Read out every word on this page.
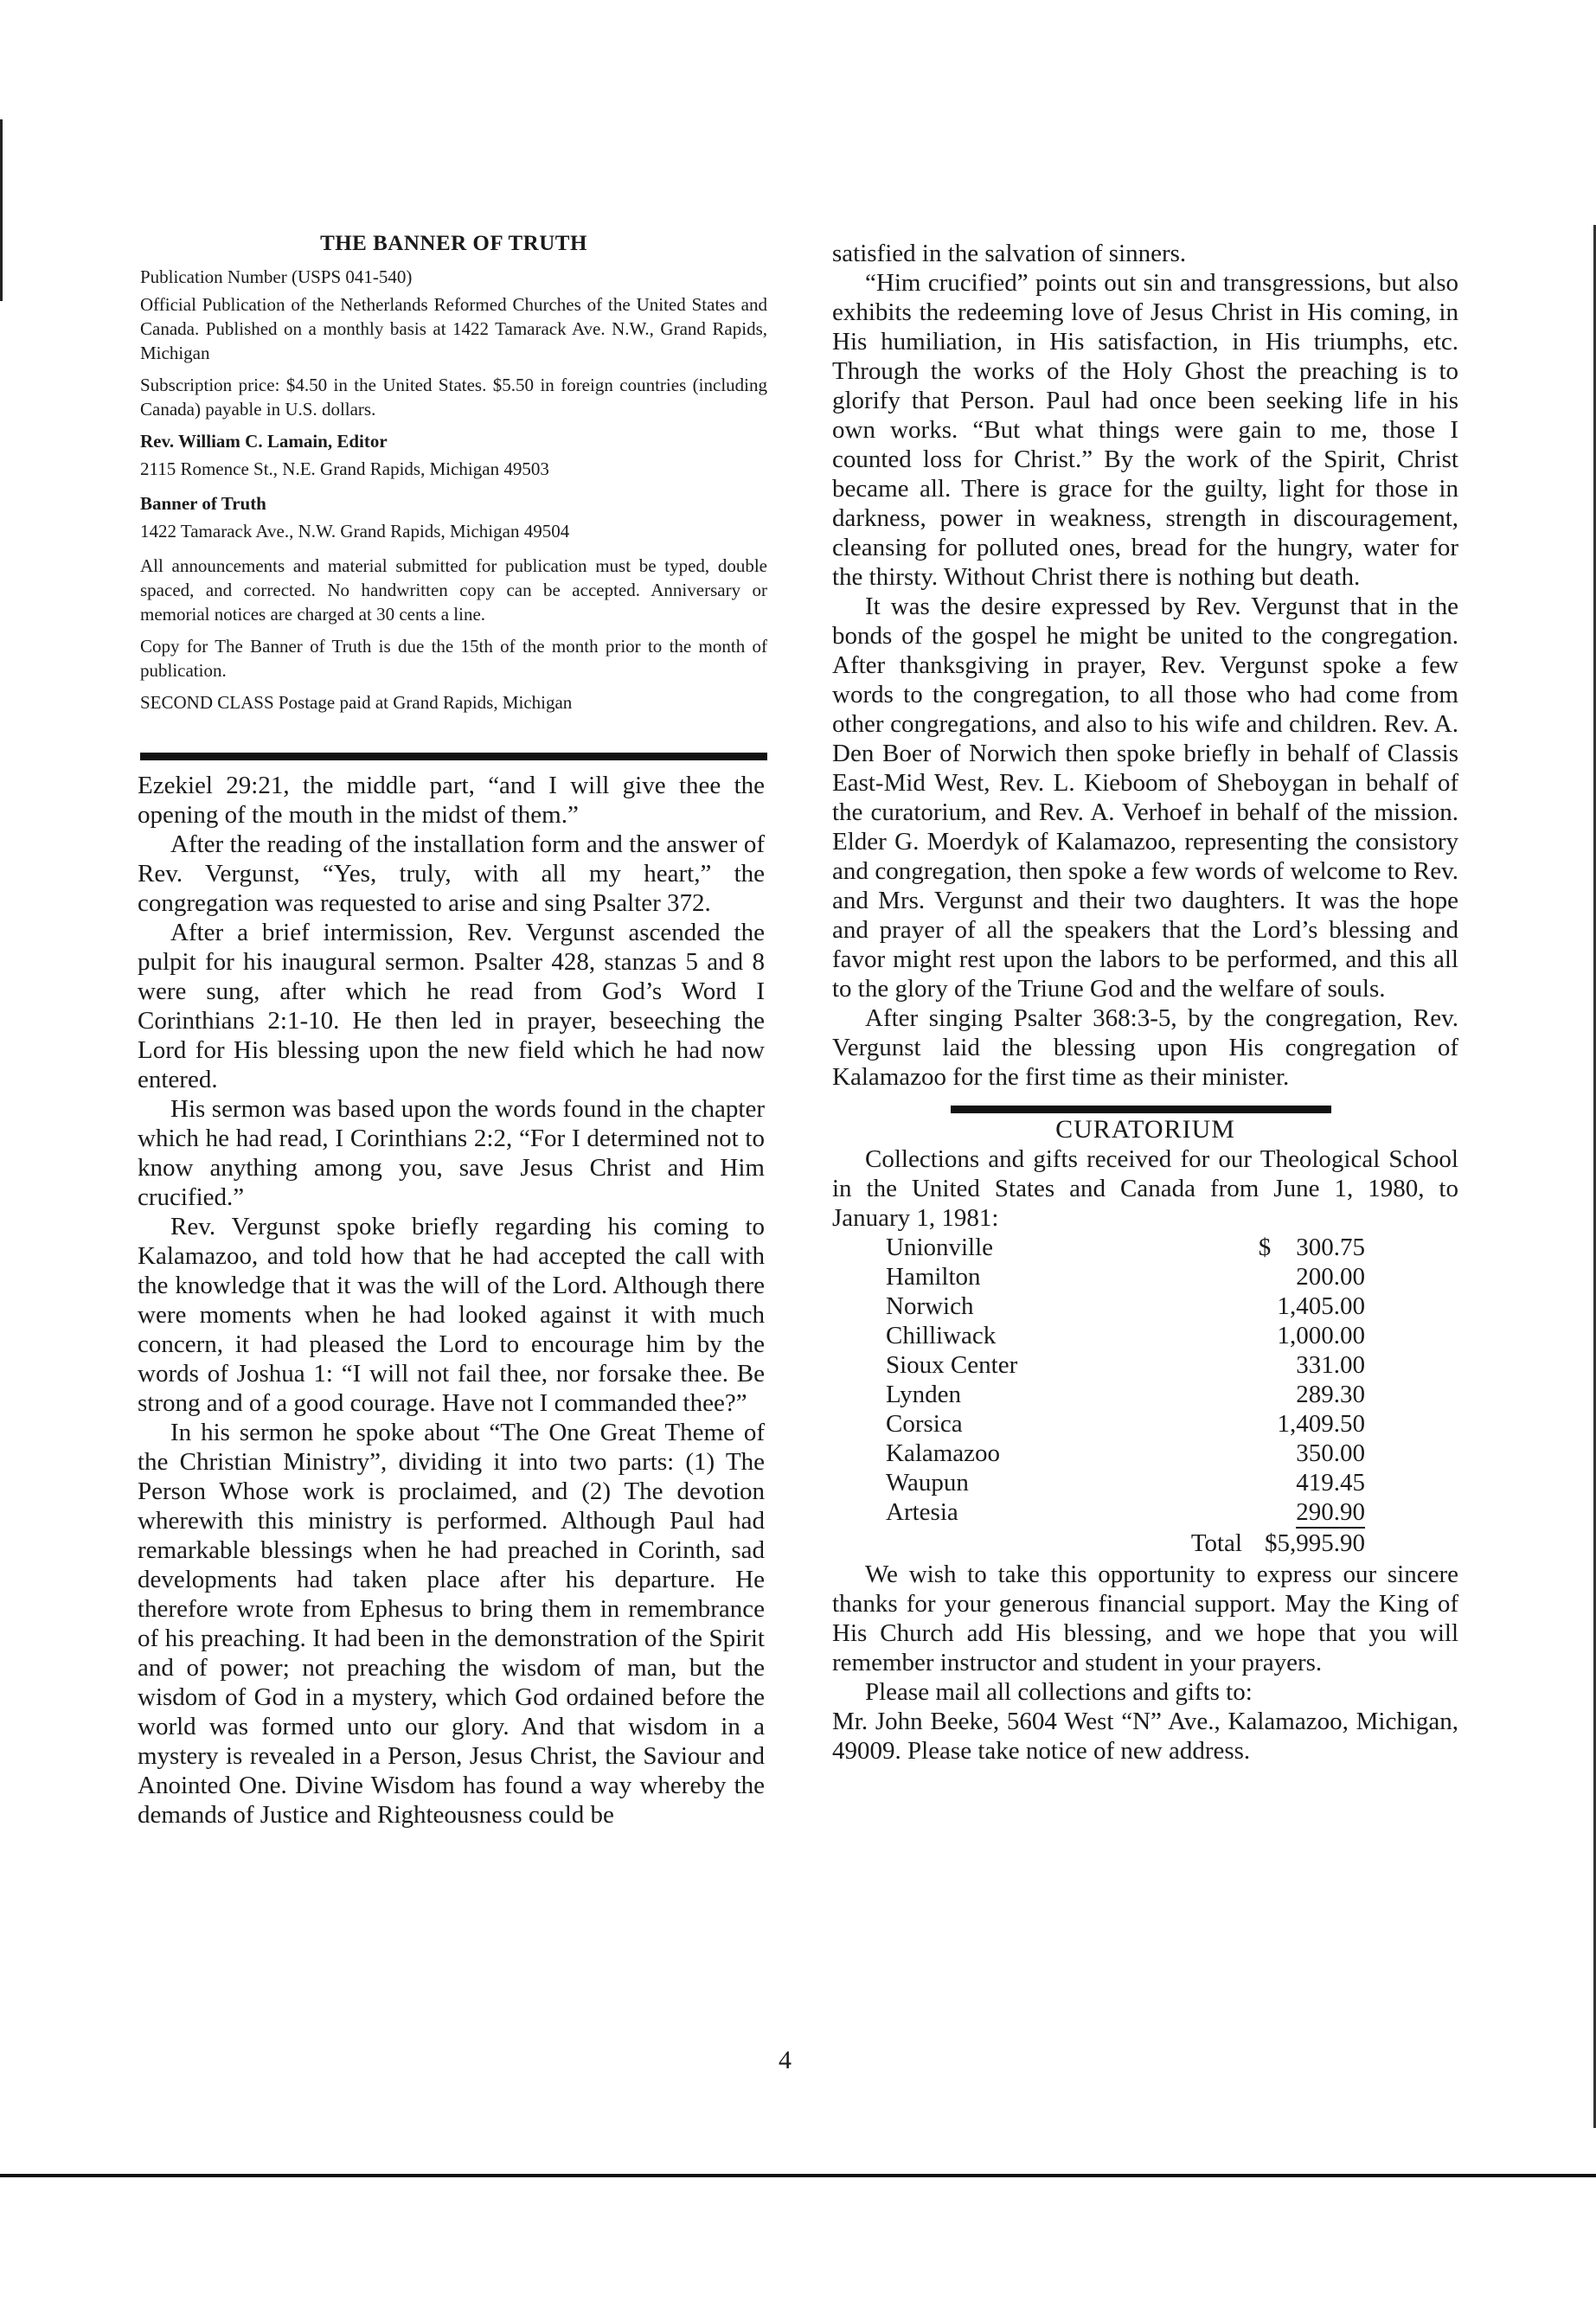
THE BANNER OF TRUTH

Publication Number (USPS 041-540)

Official Publication of the Netherlands Reformed Churches of the United States and Canada. Published on a monthly basis at 1422 Tamarack Ave. N.W., Grand Rapids, Michigan

Subscription price: $4.50 in the United States. $5.50 in foreign countries (including Canada) payable in U.S. dollars.

Rev. William C. Lamain, Editor

2115 Romence St., N.E. Grand Rapids, Michigan 49503

Banner of Truth

1422 Tamarack Ave., N.W. Grand Rapids, Michigan 49504

All announcements and material submitted for publication must be typed, double spaced, and corrected. No handwritten copy can be accepted. Anniversary or memorial notices are charged at 30 cents a line.

Copy for The Banner of Truth is due the 15th of the month prior to the month of publication.

SECOND CLASS Postage paid at Grand Rapids, Michigan

Ezekiel 29:21, the middle part, “and I will give thee the opening of the mouth in the midst of them.”

After the reading of the installation form and the answer of Rev. Vergunst, “Yes, truly, with all my heart,” the congregation was requested to arise and sing Psalter 372.

After a brief intermission, Rev. Vergunst ascended the pulpit for his inaugural sermon. Psalter 428, stanzas 5 and 8 were sung, after which he read from God’s Word I Corinthians 2:1-10. He then led in prayer, beseeching the Lord for His blessing upon the new field which he had now entered.

His sermon was based upon the words found in the chapter which he had read, I Corinthians 2:2, “For I determined not to know anything among you, save Jesus Christ and Him crucified.”

Rev. Vergunst spoke briefly regarding his coming to Kalamazoo, and told how that he had accepted the call with the knowledge that it was the will of the Lord. Although there were moments when he had looked against it with much concern, it had pleased the Lord to encourage him by the words of Joshua 1: “I will not fail thee, nor forsake thee. Be strong and of a good courage. Have not I commanded thee?”

In his sermon he spoke about “The One Great Theme of the Christian Ministry”, dividing it into two parts: (1) The Person Whose work is proclaimed, and (2) The devotion wherewith this ministry is performed. Although Paul had remarkable blessings when he had preached in Corinth, sad developments had taken place after his departure. He therefore wrote from Ephesus to bring them in remembrance of his preaching. It had been in the demonstration of the Spirit and of power; not preaching the wisdom of man, but the wisdom of God in a mystery, which God ordained before the world was formed unto our glory. And that wisdom in a mystery is revealed in a Person, Jesus Christ, the Saviour and Anointed One. Divine Wisdom has found a way whereby the demands of Justice and Righteousness could be

satisfied in the salvation of sinners.

“Him crucified” points out sin and transgressions, but also exhibits the redeeming love of Jesus Christ in His coming, in His humiliation, in His satisfaction, in His triumphs, etc. Through the works of the Holy Ghost the preaching is to glorify that Person. Paul had once been seeking life in his own works. “But what things were gain to me, those I counted loss for Christ.” By the work of the Spirit, Christ became all. There is grace for the guilty, light for those in darkness, power in weakness, strength in discouragement, cleansing for polluted ones, bread for the hungry, water for the thirsty. Without Christ there is nothing but death.

It was the desire expressed by Rev. Vergunst that in the bonds of the gospel he might be united to the congregation. After thanksgiving in prayer, Rev. Vergunst spoke a few words to the congregation, to all those who had come from other congregations, and also to his wife and children. Rev. A. Den Boer of Norwich then spoke briefly in behalf of Classis East-Mid West, Rev. L. Kieboom of Sheboygan in behalf of the curatorium, and Rev. A. Verhoef in behalf of the mission. Elder G. Moerdyk of Kalamazoo, representing the consistory and congregation, then spoke a few words of welcome to Rev. and Mrs. Vergunst and their two daughters. It was the hope and prayer of all the speakers that the Lord’s blessing and favor might rest upon the labors to be performed, and this all to the glory of the Triune God and the welfare of souls.

After singing Psalter 368:3-5, by the congregation, Rev. Vergunst laid the blessing upon His congregation of Kalamazoo for the first time as their minister.

CURATORIUM

Collections and gifts received for our Theological School in the United States and Canada from June 1, 1980, to January 1, 1981:

Unionville	$    300.75
Hamilton	200.00
Norwich	1,405.00
Chilliwack	1,000.00
Sioux Center	331.00
Lynden	289.30
Corsica	1,409.50
Kalamazoo	350.00
Waupun	419.45
Artesia	290.90
Total $5,995.90

We wish to take this opportunity to express our sincere thanks for your generous financial support. May the King of His Church add His blessing, and we hope that you will remember instructor and student in your prayers.

Please mail all collections and gifts to:

Mr. John Beeke, 5604 West “N” Ave., Kalamazoo, Michigan, 49009. Please take notice of new address.

4
